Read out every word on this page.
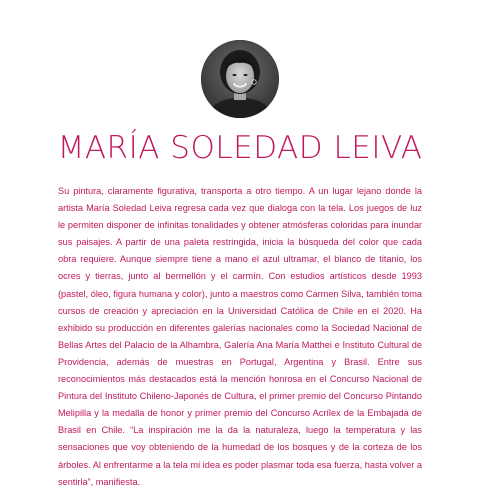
MARÍA SOLEDAD LEIVA

Su pintura, claramente figurativa, transporta a otro tiempo. A un lugar lejano donde la artista María Soledad Leiva regresa cada vez que dialoga con la tela. Los juegos de luz le permiten disponer de infinitas tonalidades y obtener atmósferas coloridas para inundar sus paisajes. A partir de una paleta restringida, inicia la búsqueda del color que cada obra requiere. Aunque siempre tiene a mano el azul ultramar, el blanco de titanio, los ocres y tierras, junto al bermellón y el carmín. Con estudios artísticos desde 1993 (pastel, óleo, figura humana y color), junto a maestros como Carmen Silva, también toma cursos de creación y apreciación en la Universidad Católica de Chile en el 2020. Ha exhibido su producción en diferentes galerías nacionales como la Sociedad Nacional de Bellas Artes del Palacio de la Alhambra, Galería Ana María Matthei e Instituto Cultural de Providencia, además de muestras en Portugal, Argentina y Brasil. Entre sus reconocimientos más destacados está la mención honrosa en el Concurso Nacional de Pintura del Instituto Chileno-Japonés de Cultura, el primer premio del Concurso Pintando Melipilla y la medalla de honor y primer premio del Concurso Acrílex de la Embajada de Brasil en Chile. “La inspiración me la da la naturaleza, luego la temperatura y las sensaciones que voy obteniendo de la humedad de los bosques y de la corteza de los árboles. Al enfrentarme a la tela mi idea es poder plasmar toda esa fuerza, hasta volver a sentirla”, manifiesta.
